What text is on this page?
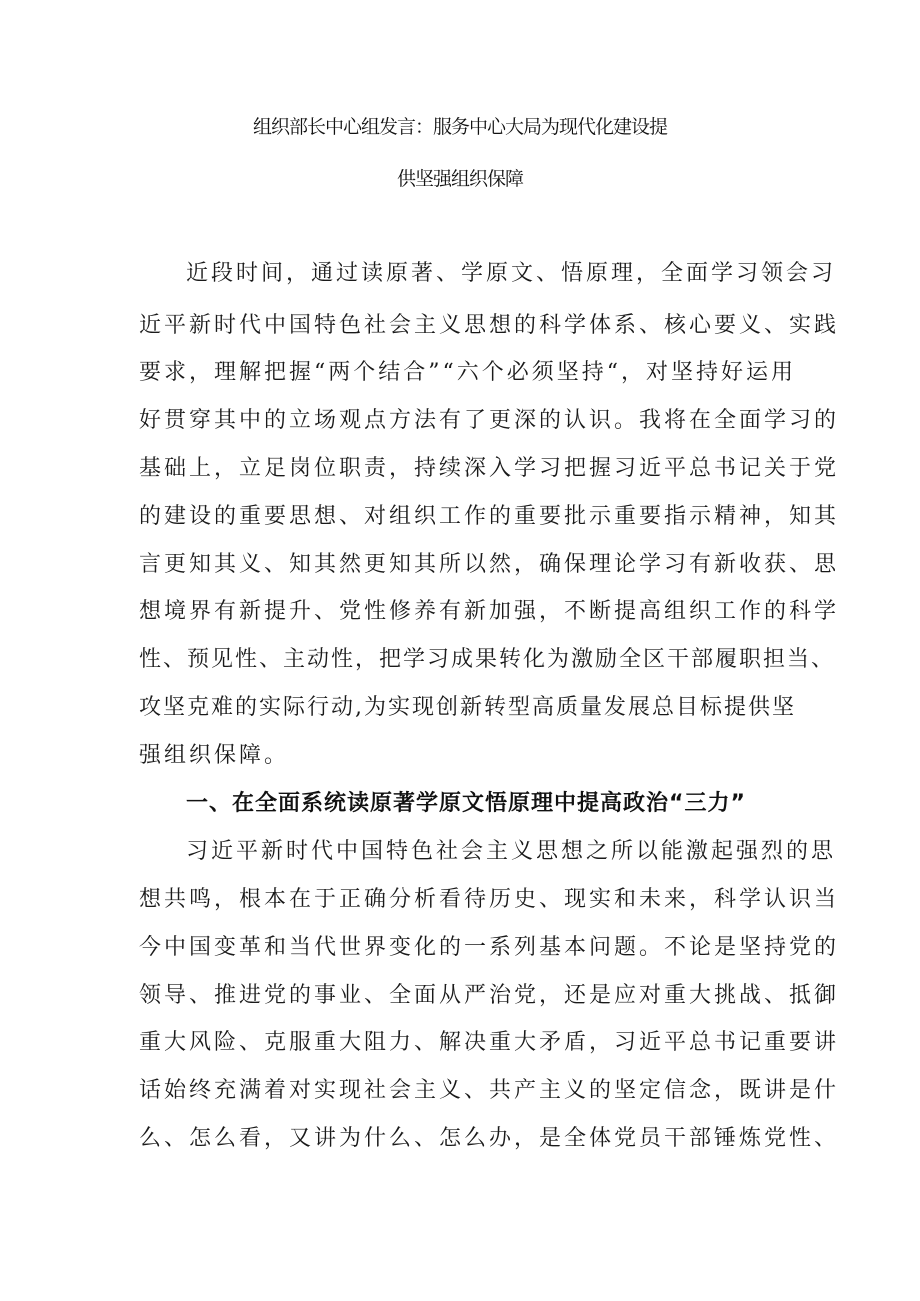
组织部长中心组发言：服务中心大局为现代化建设提
供坚强组织保障
近段时间，通过读原著、学原文、悟原理，全面学习领会习
近平新时代中国特色社会主义思想的科学体系、核心要义、实践
要求，理解把握“两个结合”“六个必须坚持“，对坚持好运用
好贯穿其中的立场观点方法有了更深的认识。我将在全面学习的
基础上，立足岗位职责，持续深入学习把握习近平总书记关于党
的建设的重要思想、对组织工作的重要批示重要指示精神，知其
言更知其义、知其然更知其所以然，确保理论学习有新收获、思
想境界有新提升、党性修养有新加强，不断提高组织工作的科学
性、预见性、主动性，把学习成果转化为激励全区干部履职担当、
攻坚克难的实际行动,为实现创新转型高质量发展总目标提供坚
强组织保障。
一、在全面系统读原著学原文悟原理中提高政治“三力”
习近平新时代中国特色社会主义思想之所以能激起强烈的思
想共鸣，根本在于正确分析看待历史、现实和未来，科学认识当
今中国变革和当代世界变化的一系列基本问题。不论是坚持党的
领导、推进党的事业、全面从严治党，还是应对重大挑战、抵御
重大风险、克服重大阻力、解决重大矛盾，习近平总书记重要讲
话始终充满着对实现社会主义、共产主义的坚定信念，既讲是什
么、怎么看，又讲为什么、怎么办，是全体党员干部锤炼党性、
